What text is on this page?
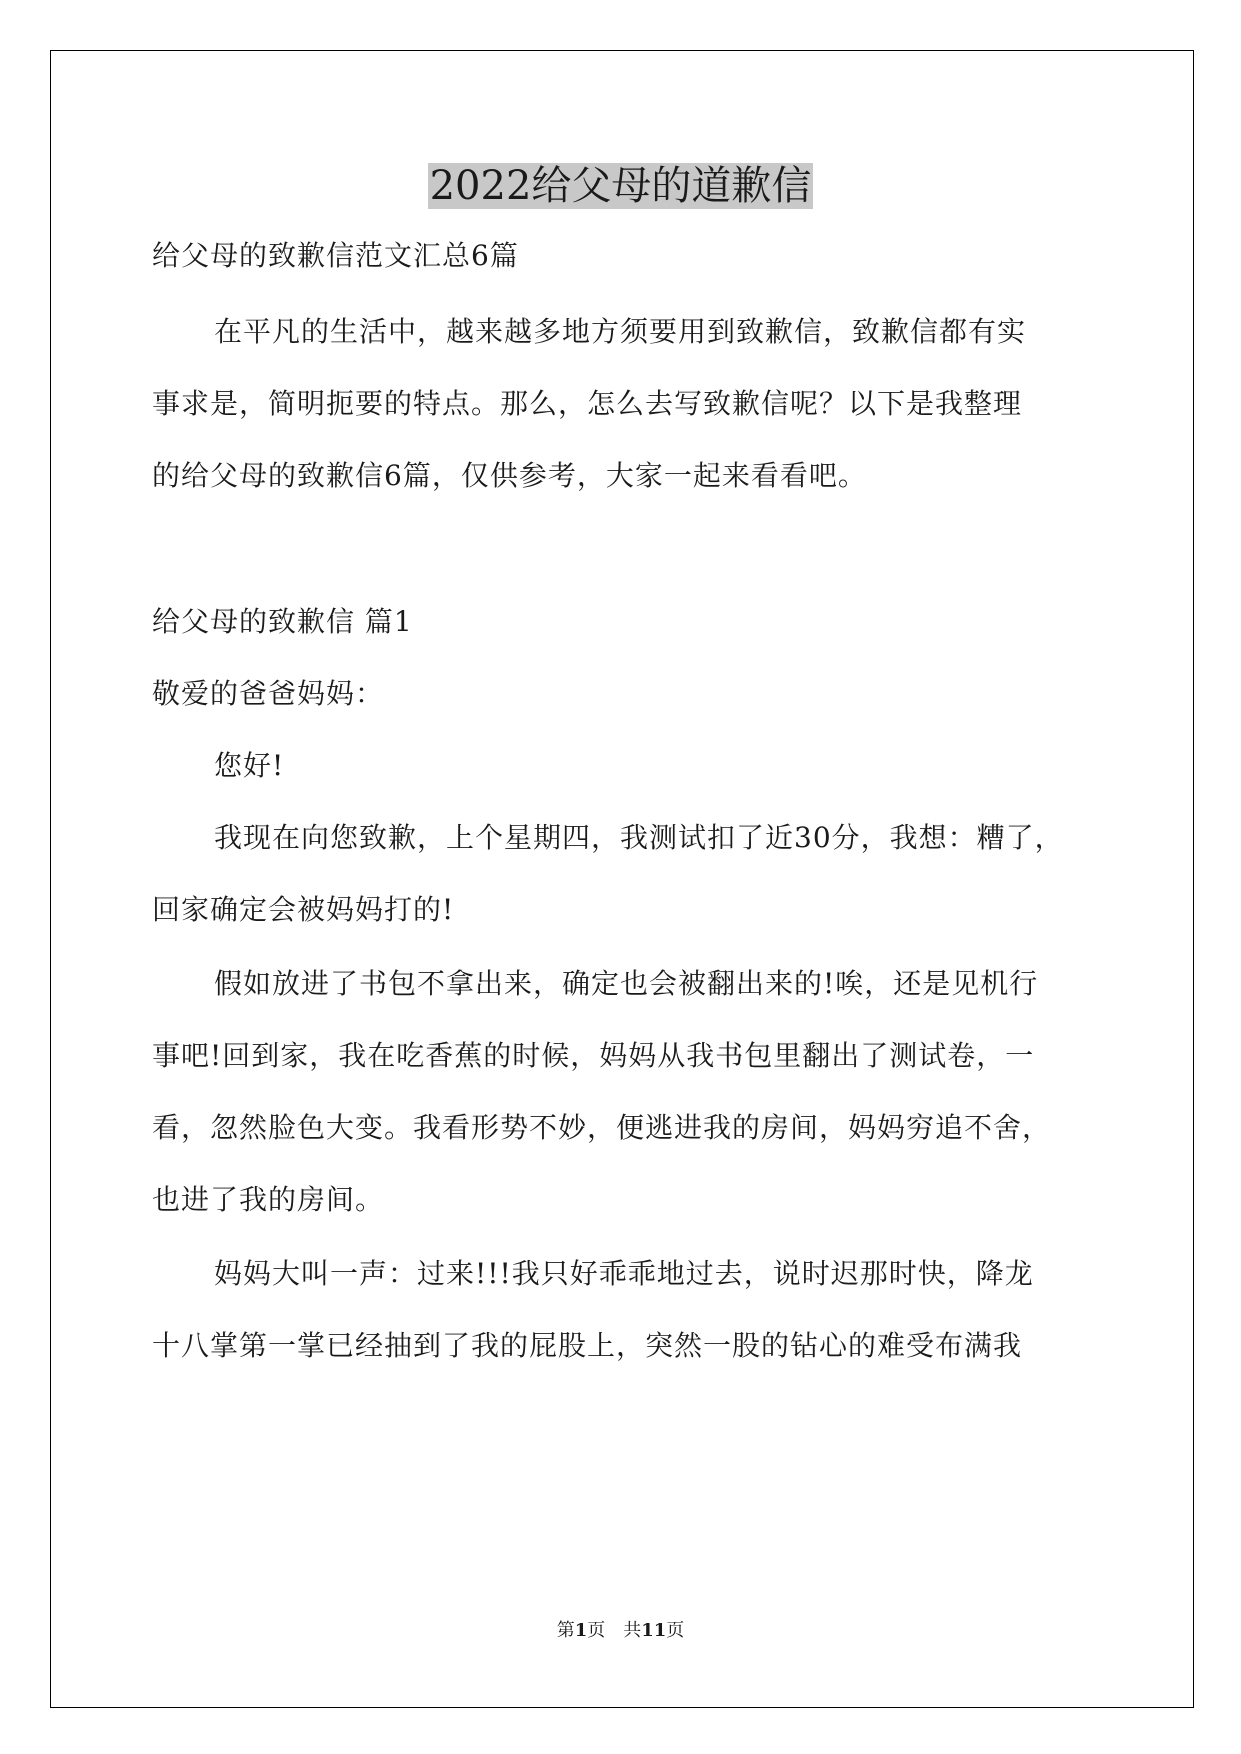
2022给父母的道歉信
给父母的致歉信范文汇总6篇
在平凡的生活中，越来越多地方须要用到致歉信，致歉信都有实
事求是，简明扼要的特点。那么，怎么去写致歉信呢？以下是我整理
的给父母的致歉信6篇，仅供参考，大家一起来看看吧。
给父母的致歉信 篇1
敬爱的爸爸妈妈：
您好!
我现在向您致歉，上个星期四，我测试扣了近30分，我想：糟了，
回家确定会被妈妈打的!
假如放进了书包不拿出来，确定也会被翻出来的!唉，还是见机行
事吧!回到家，我在吃香蕉的时候，妈妈从我书包里翻出了测试卷，一
看，忽然脸色大变。我看形势不妙，便逃进我的房间，妈妈穷追不舍，
也进了我的房间。
妈妈大叫一声：过来!!!我只好乖乖地过去，说时迟那时快，降龙
十八掌第一掌已经抽到了我的屁股上，突然一股的钻心的难受布满我
第1页　共11页
